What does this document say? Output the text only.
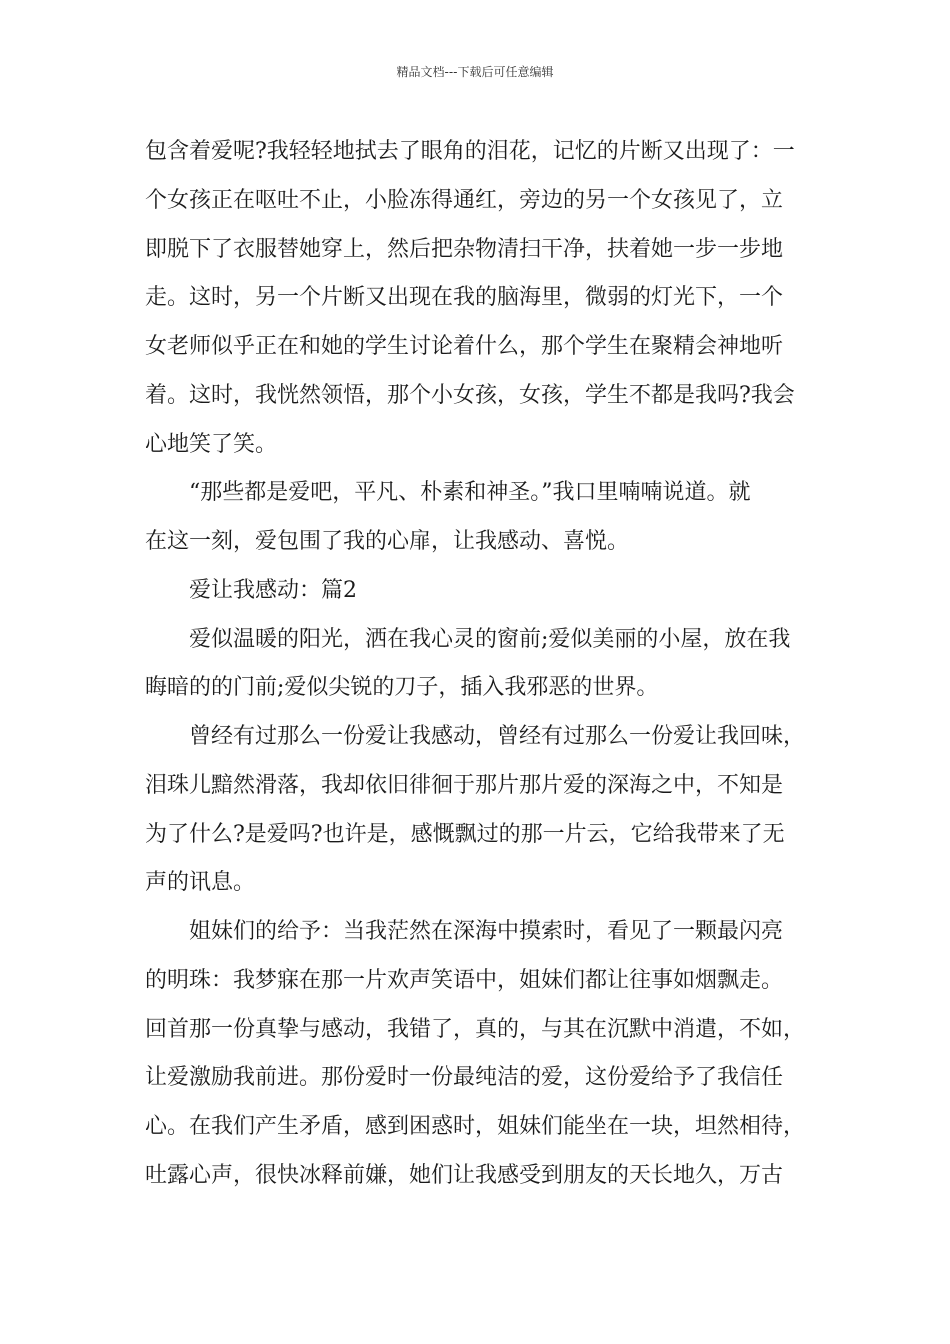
精品文档---下载后可任意编辑
包含着爱呢?我轻轻地拭去了眼角的泪花，记忆的片断又出现了：一
个女孩正在呕吐不止，小脸冻得通红，旁边的另一个女孩见了，立
即脱下了衣服替她穿上，然后把杂物清扫干净，扶着她一步一步地
走。这时，另一个片断又出现在我的脑海里，微弱的灯光下，一个
女老师似乎正在和她的学生讨论着什么，那个学生在聚精会神地听
着。这时，我恍然领悟，那个小女孩，女孩，学生不都是我吗?我会
心地笑了笑。
“那些都是爱吧，平凡、朴素和神圣。”我口里喃喃说道。就
在这一刻，爱包围了我的心扉，让我感动、喜悦。
爱让我感动：篇2
爱似温暖的阳光，洒在我心灵的窗前;爱似美丽的小屋，放在我
晦暗的的门前;爱似尖锐的刀子，插入我邪恶的世界。
曾经有过那么一份爱让我感动，曾经有过那么一份爱让我回味，
泪珠儿黯然滑落，我却依旧徘徊于那片那片爱的深海之中，不知是
为了什么?是爱吗?也许是，感慨飘过的那一片云，它给我带来了无
声的讯息。
姐妹们的给予：当我茫然在深海中摸索时，看见了一颗最闪亮
的明珠：我梦寐在那一片欢声笑语中，姐妹们都让往事如烟飘走。
回首那一份真挚与感动，我错了，真的，与其在沉默中消遣，不如，
让爱激励我前进。那份爱时一份最纯洁的爱，这份爱给予了我信任
心。在我们产生矛盾，感到困惑时，姐妹们能坐在一块，坦然相待，
吐露心声，很快冰释前嫌，她们让我感受到朋友的天长地久，万古
